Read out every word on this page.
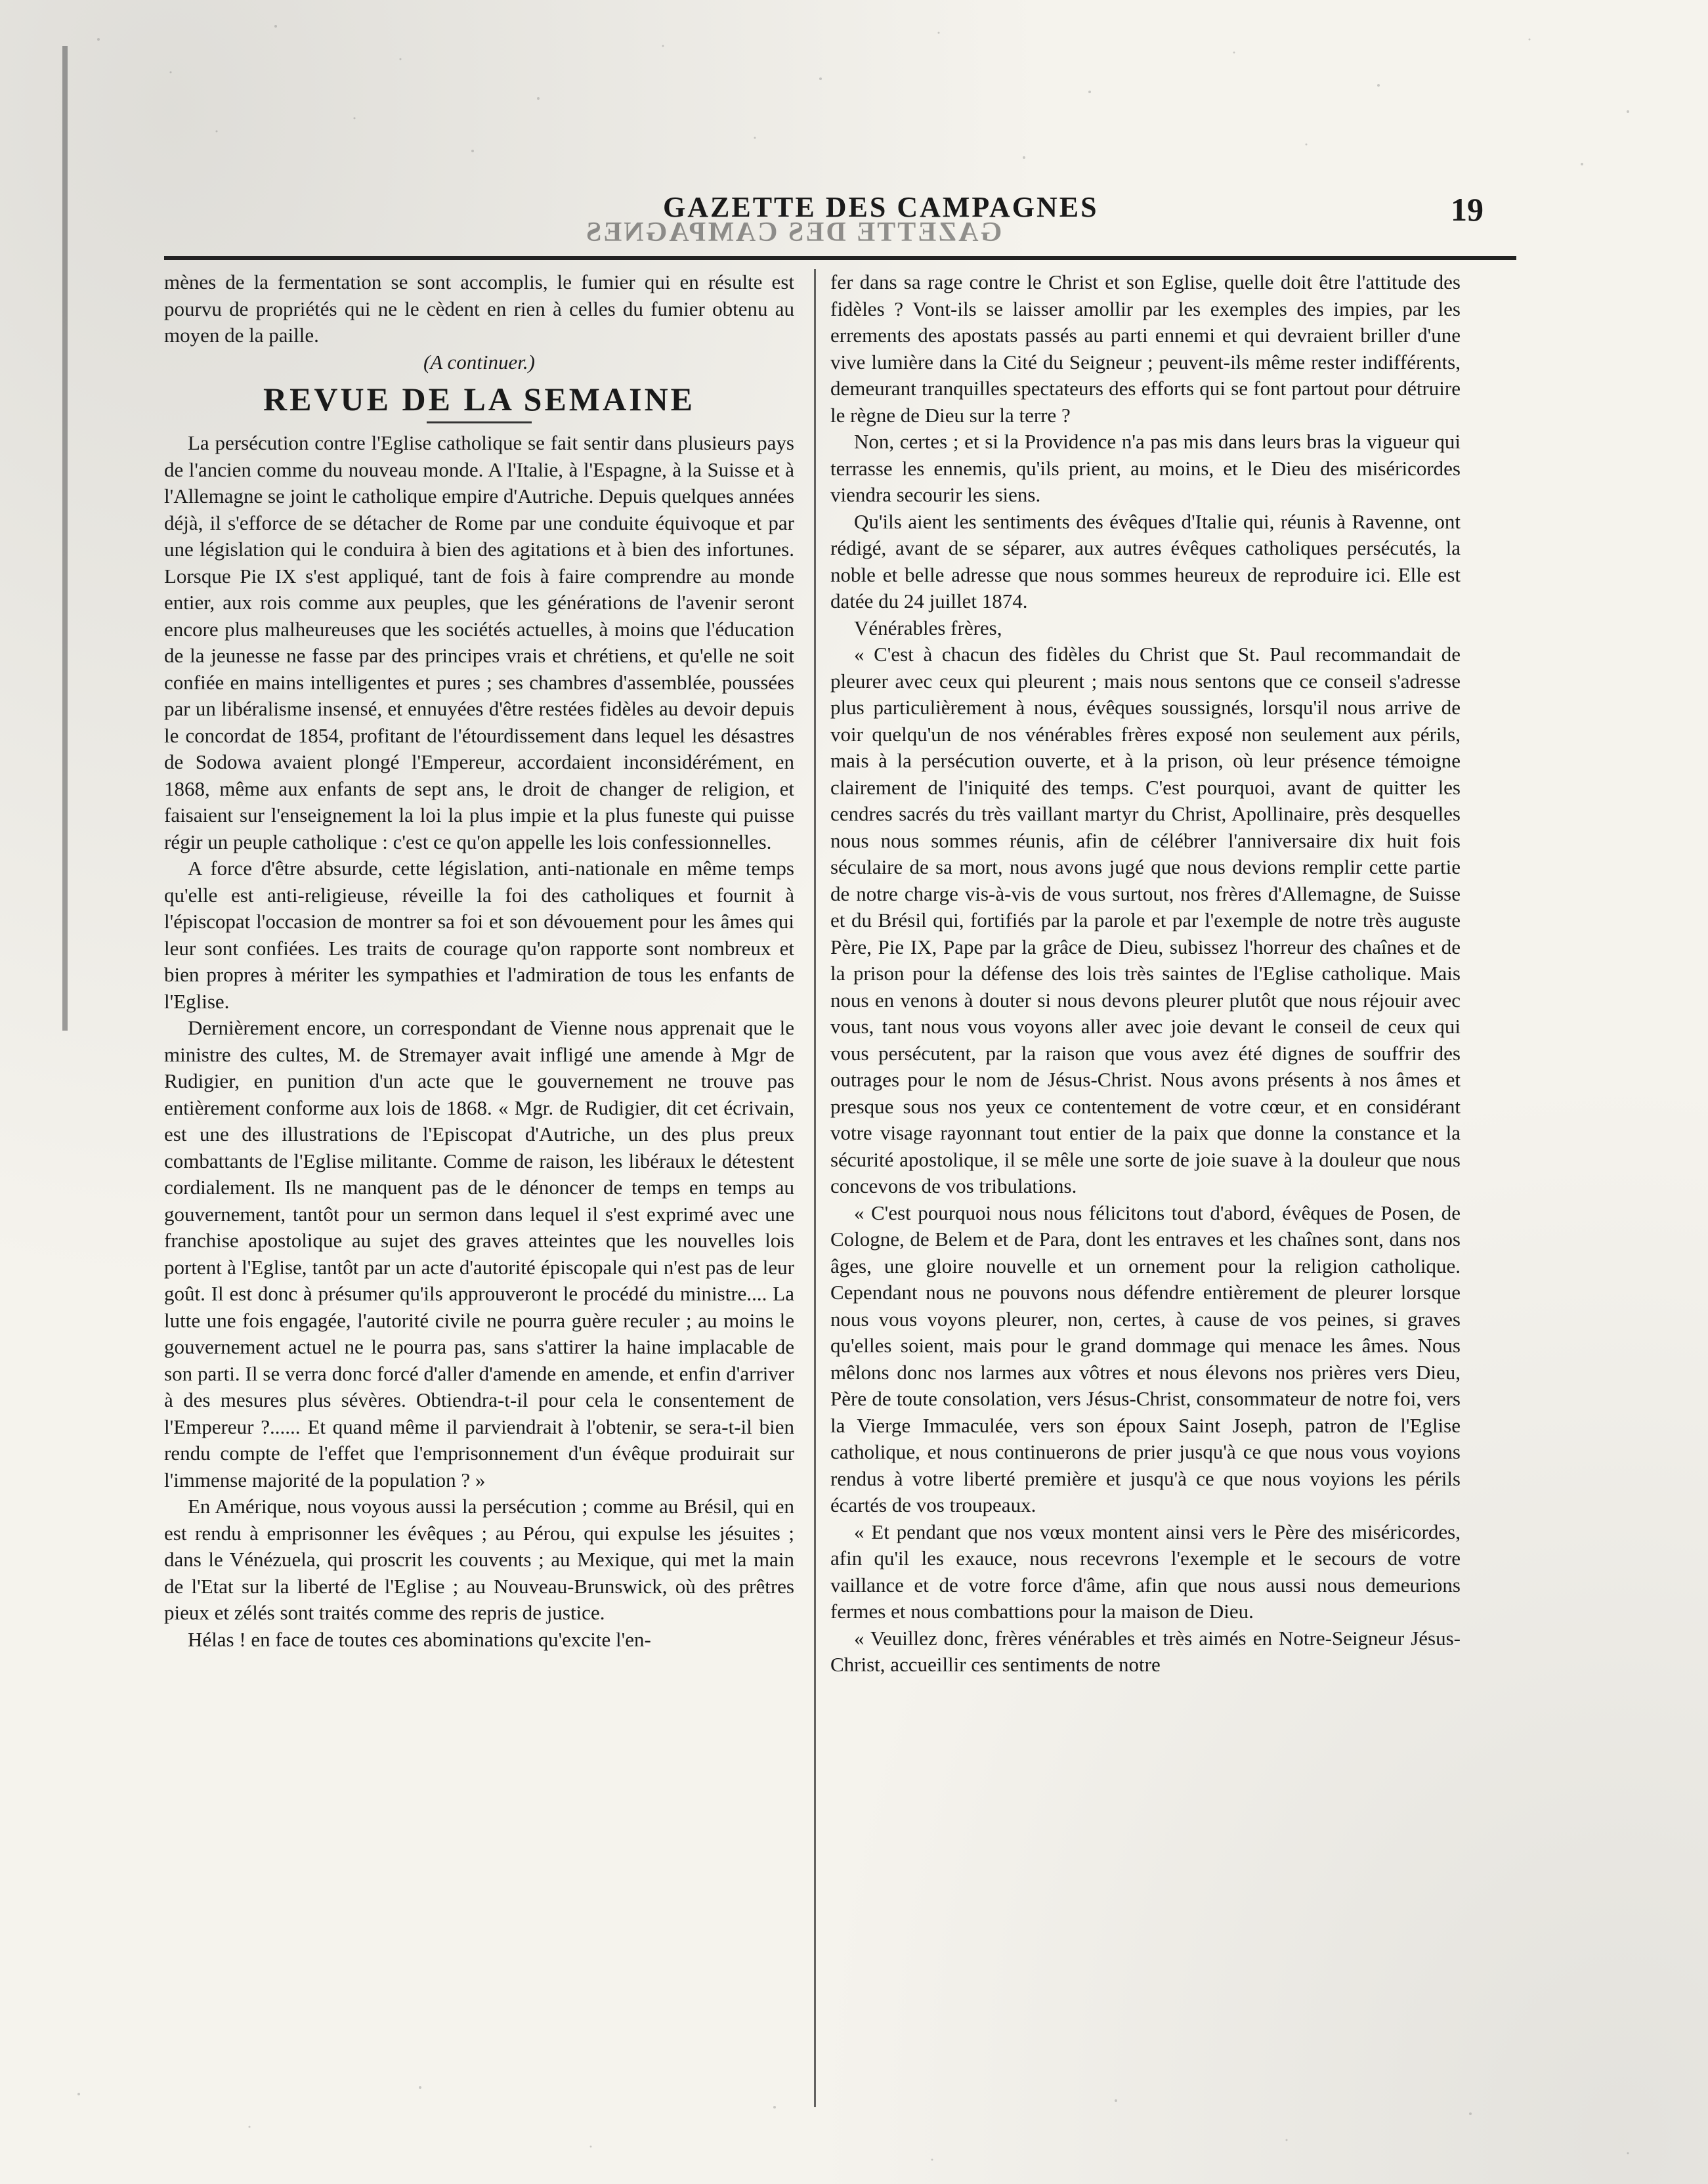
GAZETTE DES CAMPAGNES
GAZETTE DES CAMPAGNES
19

mènes de la fermentation se sont accomplis, le fumier qui en résulte est pourvu de propriétés qui ne le cèdent en rien à celles du fumier obtenu au moyen de la paille.

(A continuer.)

REVUE DE LA SEMAINE

La persécution contre l'Eglise catholique se fait sentir dans plusieurs pays de l'ancien comme du nouveau monde. A l'Italie, à l'Espagne, à la Suisse et à l'Allemagne se joint le catholique empire d'Autriche. Depuis quelques années déjà, il s'efforce de se détacher de Rome par une conduite équivoque et par une législation qui le conduira à bien des agitations et à bien des infortunes. Lorsque Pie IX s'est appliqué, tant de fois à faire comprendre au monde entier, aux rois comme aux peuples, que les générations de l'avenir seront encore plus malheureuses que les sociétés actuelles, à moins que l'éducation de la jeunesse ne fasse par des principes vrais et chrétiens, et qu'elle ne soit confiée en mains intelligentes et pures ; ses chambres d'assemblée, poussées par un libéralisme insensé, et ennuyées d'être restées fidèles au devoir depuis le concordat de 1854, profitant de l'étourdissement dans lequel les désastres de Sodowa avaient plongé l'Empereur, accordaient inconsidérément, en 1868, même aux enfants de sept ans, le droit de changer de religion, et faisaient sur l'enseignement la loi la plus impie et la plus funeste qui puisse régir un peuple catholique : c'est ce qu'on appelle les lois confessionnelles.

A force d'être absurde, cette législation, anti-nationale en même temps qu'elle est anti-religieuse, réveille la foi des catholiques et fournit à l'épiscopat l'occasion de montrer sa foi et son dévouement pour les âmes qui leur sont confiées. Les traits de courage qu'on rapporte sont nombreux et bien propres à mériter les sympathies et l'admiration de tous les enfants de l'Eglise.

Dernièrement encore, un correspondant de Vienne nous apprenait que le ministre des cultes, M. de Stremayer avait infligé une amende à Mgr de Rudigier, en punition d'un acte que le gouvernement ne trouve pas entièrement conforme aux lois de 1868. « Mgr. de Rudigier, dit cet écrivain, est une des illustrations de l'Episcopat d'Autriche, un des plus preux combattants de l'Eglise militante. Comme de raison, les libéraux le détestent cordialement. Ils ne manquent pas de le dénoncer de temps en temps au gouvernement, tantôt pour un sermon dans lequel il s'est exprimé avec une franchise apostolique au sujet des graves atteintes que les nouvelles lois portent à l'Eglise, tantôt par un acte d'autorité épiscopale qui n'est pas de leur goût. Il est donc à présumer qu'ils approuveront le procédé du ministre.... La lutte une fois engagée, l'autorité civile ne pourra guère reculer ; au moins le gouvernement actuel ne le pourra pas, sans s'attirer la haine implacable de son parti. Il se verra donc forcé d'aller d'amende en amende, et enfin d'arriver à des mesures plus sévères. Obtiendra-t-il pour cela le consentement de l'Empereur ?...... Et quand même il parviendrait à l'obtenir, se sera-t-il bien rendu compte de l'effet que l'emprisonnement d'un évêque produirait sur l'immense majorité de la population ? »

En Amérique, nous voyous aussi la persécution ; comme au Brésil, qui en est rendu à emprisonner les évêques ; au Pérou, qui expulse les jésuites ; dans le Vénézuela, qui proscrit les couvents ; au Mexique, qui met la main de l'Etat sur la liberté de l'Eglise ; au Nouveau-Brunswick, où des prêtres pieux et zélés sont traités comme des repris de justice.

Hélas ! en face de toutes ces abominations qu'excite l'en-

fer dans sa rage contre le Christ et son Eglise, quelle doit être l'attitude des fidèles ? Vont-ils se laisser amollir par les exemples des impies, par les errements des apostats passés au parti ennemi et qui devraient briller d'une vive lumière dans la Cité du Seigneur ; peuvent-ils même rester indifférents, demeurant tranquilles spectateurs des efforts qui se font partout pour détruire le règne de Dieu sur la terre ?

Non, certes ; et si la Providence n'a pas mis dans leurs bras la vigueur qui terrasse les ennemis, qu'ils prient, au moins, et le Dieu des miséricordes viendra secourir les siens.

Qu'ils aient les sentiments des évêques d'Italie qui, réunis à Ravenne, ont rédigé, avant de se séparer, aux autres évêques catholiques persécutés, la noble et belle adresse que nous sommes heureux de reproduire ici. Elle est datée du 24 juillet 1874.

Vénérables frères,

« C'est à chacun des fidèles du Christ que St. Paul recommandait de pleurer avec ceux qui pleurent ; mais nous sentons que ce conseil s'adresse plus particulièrement à nous, évêques soussignés, lorsqu'il nous arrive de voir quelqu'un de nos vénérables frères exposé non seulement aux périls, mais à la persécution ouverte, et à la prison, où leur présence témoigne clairement de l'iniquité des temps. C'est pourquoi, avant de quitter les cendres sacrés du très vaillant martyr du Christ, Apollinaire, près desquelles nous nous sommes réunis, afin de célébrer l'anniversaire dix huit fois séculaire de sa mort, nous avons jugé que nous devions remplir cette partie de notre charge vis-à-vis de vous surtout, nos frères d'Allemagne, de Suisse et du Brésil qui, fortifiés par la parole et par l'exemple de notre très auguste Père, Pie IX, Pape par la grâce de Dieu, subissez l'horreur des chaînes et de la prison pour la défense des lois très saintes de l'Eglise catholique. Mais nous en venons à douter si nous devons pleurer plutôt que nous réjouir avec vous, tant nous vous voyons aller avec joie devant le conseil de ceux qui vous persécutent, par la raison que vous avez été dignes de souffrir des outrages pour le nom de Jésus-Christ. Nous avons présents à nos âmes et presque sous nos yeux ce contentement de votre cœur, et en considérant votre visage rayonnant tout entier de la paix que donne la constance et la sécurité apostolique, il se mêle une sorte de joie suave à la douleur que nous concevons de vos tribulations.

« C'est pourquoi nous nous félicitons tout d'abord, évêques de Posen, de Cologne, de Belem et de Para, dont les entraves et les chaînes sont, dans nos âges, une gloire nouvelle et un ornement pour la religion catholique. Cependant nous ne pouvons nous défendre entièrement de pleurer lorsque nous vous voyons pleurer, non, certes, à cause de vos peines, si graves qu'elles soient, mais pour le grand dommage qui menace les âmes. Nous mêlons donc nos larmes aux vôtres et nous élevons nos prières vers Dieu, Père de toute consolation, vers Jésus-Christ, consommateur de notre foi, vers la Vierge Immaculée, vers son époux Saint Joseph, patron de l'Eglise catholique, et nous continuerons de prier jusqu'à ce que nous vous voyions rendus à votre liberté première et jusqu'à ce que nous voyions les périls écartés de vos troupeaux.

« Et pendant que nos vœux montent ainsi vers le Père des miséricordes, afin qu'il les exauce, nous recevrons l'exemple et le secours de votre vaillance et de votre force d'âme, afin que nous aussi nous demeurions fermes et nous combattions pour la maison de Dieu.

« Veuillez donc, frères vénérables et très aimés en Notre-Seigneur Jésus-Christ, accueillir ces sentiments de notre
